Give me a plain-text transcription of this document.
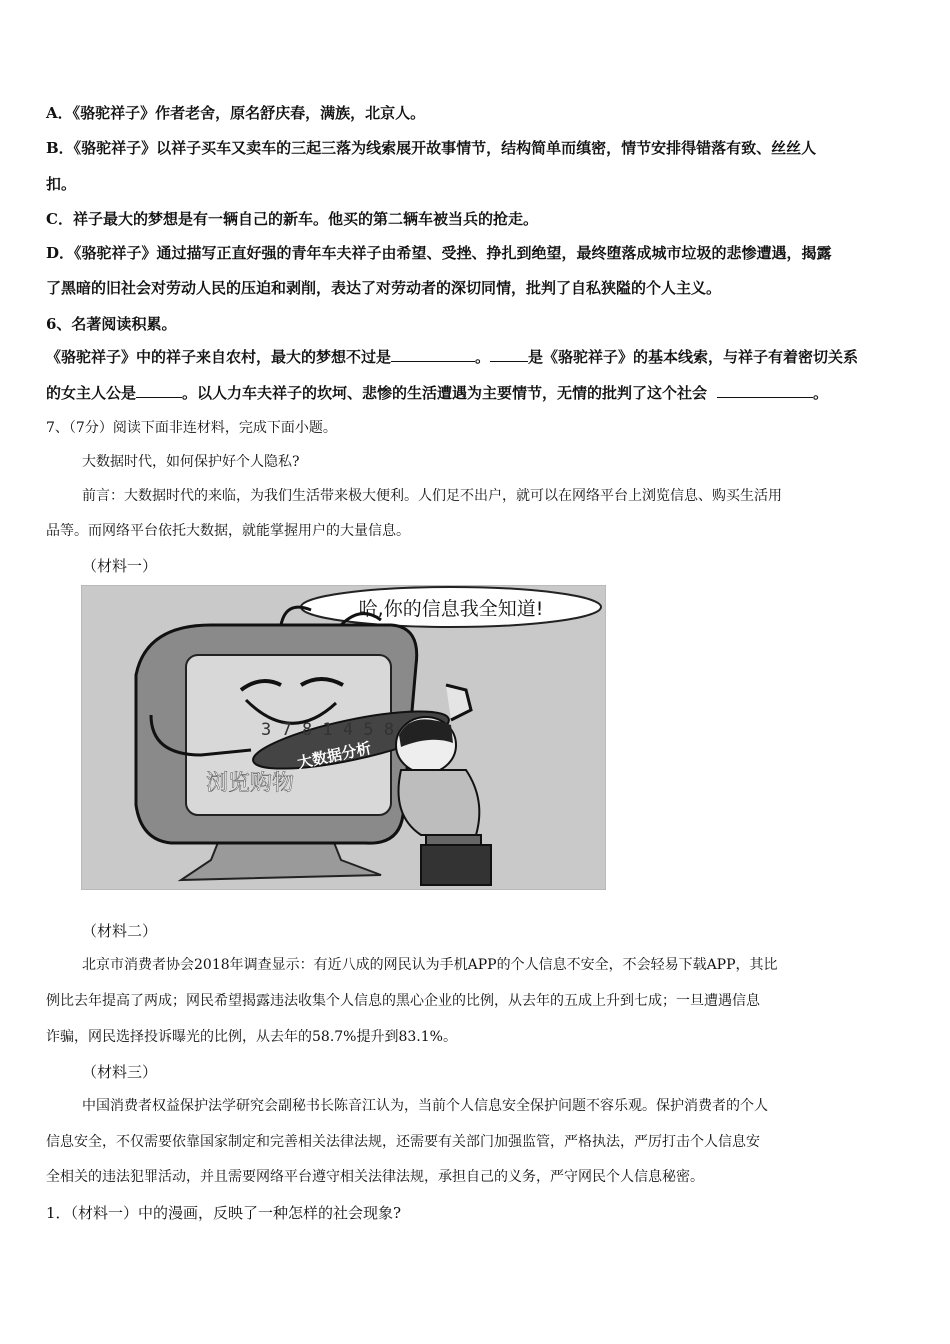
A．《骆驼祥子》作者老舍，原名舒庆春，满族，北京人。
B．《骆驼祥子》以祥子买车又卖车的三起三落为线索展开故事情节，结构简单而缜密，情节安排得错落有致、丝丝人
扣。
C．祥子最大的梦想是有一辆自己的新车。他买的第二辆车被当兵的抢走。
D．《骆驼祥子》通过描写正直好强的青年车夫祥子由希望、受挫、挣扎到绝望，最终堕落成城市垃圾的悲惨遭遇，揭露
了黑暗的旧社会对劳动人民的压迫和剥削，表达了对劳动者的深切同情，批判了自私狭隘的个人主义。
6、名著阅读积累。
《骆驼祥子》中的祥子来自农村，最大的梦想不过是	。	是《骆驼祥子》的基本线索，与祥子有着密切关系
的女主人公是	。以人力车夫祥子的坎坷、悲惨的生活遭遇为主要情节，无情的批判了这个社会	。
7、（7分）阅读下面非连材料，完成下面小题。
大数据时代，如何保护好个人隐私?
前言：大数据时代的来临，为我们生活带来极大便利。人们足不出户，就可以在网络平台上浏览信息、购买生活用
品等。而网络平台依托大数据，就能掌握用户的大量信息。
（材料一）
哈,你的信息我全知道!
3 7 8 1 4 5 8
大数据分析
浏览购物
（材料二）
北京市消费者协会2018年调查显示：有近八成的网民认为手机APP的个人信息不安全，不会轻易下载APP，其比
例比去年提高了两成；网民希望揭露违法收集个人信息的黑心企业的比例，从去年的五成上升到七成；一旦遭遇信息
诈骗，网民选择投诉曝光的比例，从去年的58.7%提升到83.1%。
（材料三）
中国消费者权益保护法学研究会副秘书长陈音江认为，当前个人信息安全保护问题不容乐观。保护消费者的个人
信息安全，不仅需要依靠国家制定和完善相关法律法规，还需要有关部门加强监管，严格执法，严厉打击个人信息安
全相关的违法犯罪活动，并且需要网络平台遵守相关法律法规，承担自己的义务，严守网民个人信息秘密。
1．（材料一）中的漫画，反映了一种怎样的社会现象?
